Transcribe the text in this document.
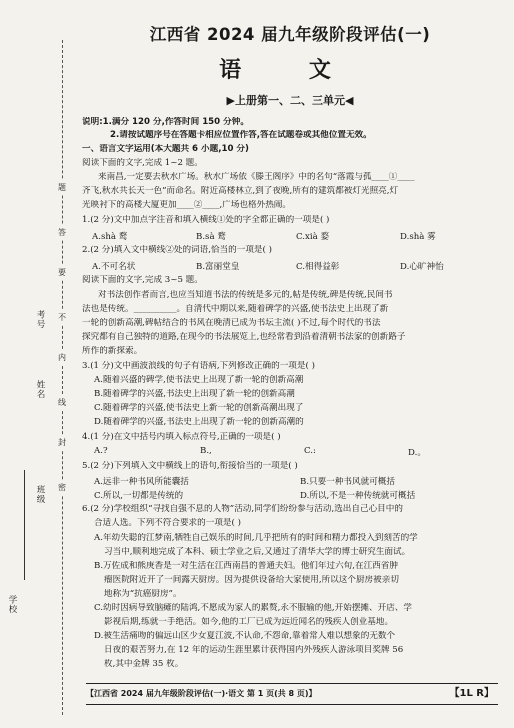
学校
班级
姓名
考号
题
答
要
不
内
线
封
密
江西省 2024 届九年级阶段评估(一)
语 文
▶上册第一、二、三单元◀
说明:1.满分 120 分,作答时间 150 分钟。
2.请按试题序号在答题卡相应位置作答,答在试题卷或其他位置无效。
一、语言文字运用(本大题共 6 小题,10 分)
阅读下面的文字,完成 1~2 题。
来南昌,一定要去秋水广场。秋水广场依《滕王阁序》中的名句“落霞与孤____①____
齐飞,秋水共长天一色”而命名。附近高楼林立,到了夜晚,所有的建筑都被灯光照亮,灯
光映衬下的高楼大厦更加____②____,广场也格外热闹。
1.(2 分)文中加点字注音和填入横线①处的字全都正确的一项是( )
A.shà 鹜	B.sà 鹜	C.xià 婺	D.shà 雾
2.(2 分)填入文中横线②处的词语,恰当的一项是( )
A.不可名状	B.富丽堂皇	C.相得益彰	D.心旷神怡
阅读下面的文字,完成 3~5 题。
对书法创作者而言,也应当知道书法的传统是多元的,帖是传统,碑是传统,民间书
法也是传统。__________。自清代中期以来,随着碑学的兴盛,使书法史上出现了新
一轮的创新高潮,碑帖结合的书风在晚清已成为书坛主流( )不过,每个时代的书法
探究都有自己独特的道路,在现今的书法展览上,也经常看到沿着清朝书法家的创新路子
所作的新探索。
3.(1 分)文中画波浪线的句子有语病,下列修改正确的一项是( )
A.随着兴盛的碑学,使书法史上出现了新一轮的创新高潮
B.随着碑学的兴盛,书法史上出现了新一轮的创新高潮
C.随着碑学的兴盛,使书法史上新一轮的创新高潮出现了
D.随着碑学的兴盛,书法史上出现了新一轮的创新高潮的
4.(1 分)在文中括号内填入标点符号,正确的一项是( )
A.?	B.,	C.:	D.。
5.(2 分)下列填入文中横线上的语句,衔接恰当的一项是( )
A.远非一种书风所能囊括	B.只要一种书风就可概括
C.所以,一切都是传统的	D.所以,不是一种传统就可概括
6.(2 分)学校组织“寻找自强不息的人物”活动,同学们纷纷参与活动,选出自己心目中的
合适人选。下列不符合要求的一项是( )
A.年幼失聪的江梦南,牺牲自己娱乐的时间,几乎把所有的时间和精力都投入到刻苦的学
习当中,顺利地完成了本科、硕士学业之后,又通过了清华大学的博士研究生面试。
B.万佐成和熊庚香是一对生活在江西南昌的普通夫妇。他们年过六旬,在江西省肿
瘤医院附近开了一间露天厨房。因为提供设备给大家使用,所以这个厨房被亲切
地称为“抗癌厨房”。
C.幼时因病导致脑瘫的陆鸿,不愿成为家人的累赘,永不服输的他,开始摆摊、开店、学
影视后期,练就一手绝活。如今,他的工厂已成为远近闻名的残疾人创业基地。
D.被生活痛吻的偏远山区少女夏江波,不认命,不怨命,靠着常人难以想象的无数个
日夜的艰苦努力,在 12 年的运动生涯里累计获得国内外残疾人游泳项目奖牌 56
枚,其中金牌 35 枚。
【江西省 2024 届九年级阶段评估(一)·语文 第 1 页(共 8 页)】	【1L R】
